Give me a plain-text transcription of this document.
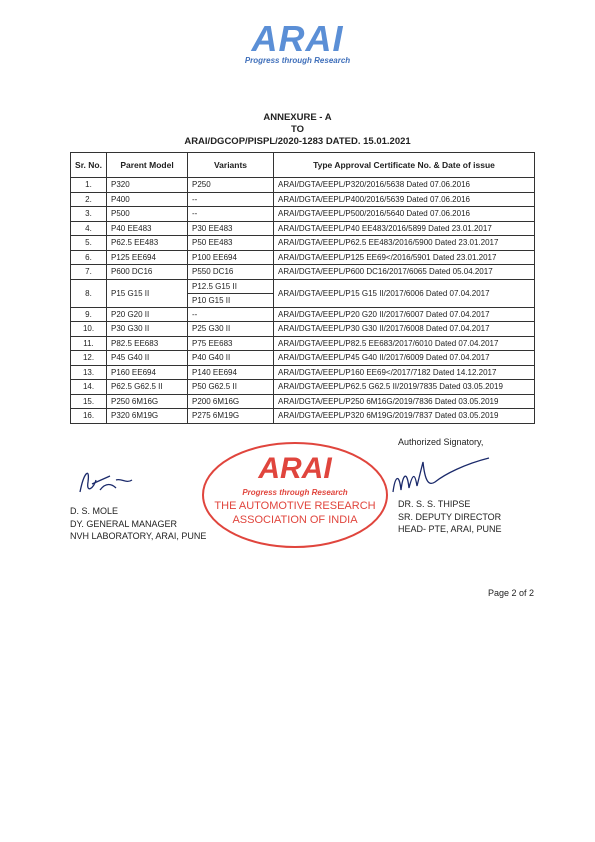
ARAI
Progress through Research
ANNEXURE - A
TO
ARAI/DGCOP/PISPL/2020-1283 DATED. 15.01.2021
Sr. No.	Parent Model	Variants	Type Approval Certificate No. & Date of issue
1.	P320	P250	ARAI/DGTA/EEPL/P320/2016/5638 Dated 07.06.2016
2.	P400	--	ARAI/DGTA/EEPL/P400/2016/5639 Dated 07.06.2016
3.	P500	--	ARAI/DGTA/EEPL/P500/2016/5640 Dated 07.06.2016
4.	P40 EE483	P30 EE483	ARAI/DGTA/EEPL/P40 EE483/2016/5899 Dated 23.01.2017
5.	P62.5 EE483	P50 EE483	ARAI/DGTA/EEPL/P62.5 EE483/2016/5900 Dated 23.01.2017
6.	P125 EE694	P100 EE694	ARAI/DGTA/EEPL/P125 EE69</2016/5901 Dated 23.01.2017
7.	P600 DC16	P550 DC16	ARAI/DGTA/EEPL/P600 DC16/2017/6065 Dated 05.04.2017
8.	P15 G15 II	P12.5 G15 II
P10 G15 II	ARAI/DGTA/EEPL/P15 G15 II/2017/6006 Dated 07.04.2017
9.	P20 G20 II	--	ARAI/DGTA/EEPL/P20 G20 II/2017/6007 Dated 07.04.2017
10.	P30 G30 II	P25 G30 II	ARAI/DGTA/EEPL/P30 G30 II/2017/6008 Dated 07.04.2017
11.	P82.5 EE683	P75 EE683	ARAI/DGTA/EEPL/P82.5 EE683/2017/6010 Dated 07.04.2017
12.	P45 G40 II	P40 G40 II	ARAI/DGTA/EEPL/P45 G40 II/2017/6009 Dated 07.04.2017
13.	P160 EE694	P140 EE694	ARAI/DGTA/EEPL/P160 EE69</2017/7182 Dated 14.12.2017
14.	P62.5 G62.5 II	P50 G62.5 II	ARAI/DGTA/EEPL/P62.5 G62.5 II/2019/7835 Dated 03.05.2019
15.	P250 6M16G	P200 6M16G	ARAI/DGTA/EEPL/P250 6M16G/2019/7836 Dated 03.05.2019
16.	P320 6M19G	P275 6M19G	ARAI/DGTA/EEPL/P320 6M19G/2019/7837 Dated 03.05.2019
Authorized Signatory,
D. S. MOLE
DY. GENERAL MANAGER
NVH LABORATORY, ARAI, PUNE
ARAI
Progress through Research
THE AUTOMOTIVE RESEARCH
ASSOCIATION OF INDIA
DR. S. S. THIPSE
SR. DEPUTY DIRECTOR
HEAD- PTE, ARAI, PUNE
Page 2 of 2
